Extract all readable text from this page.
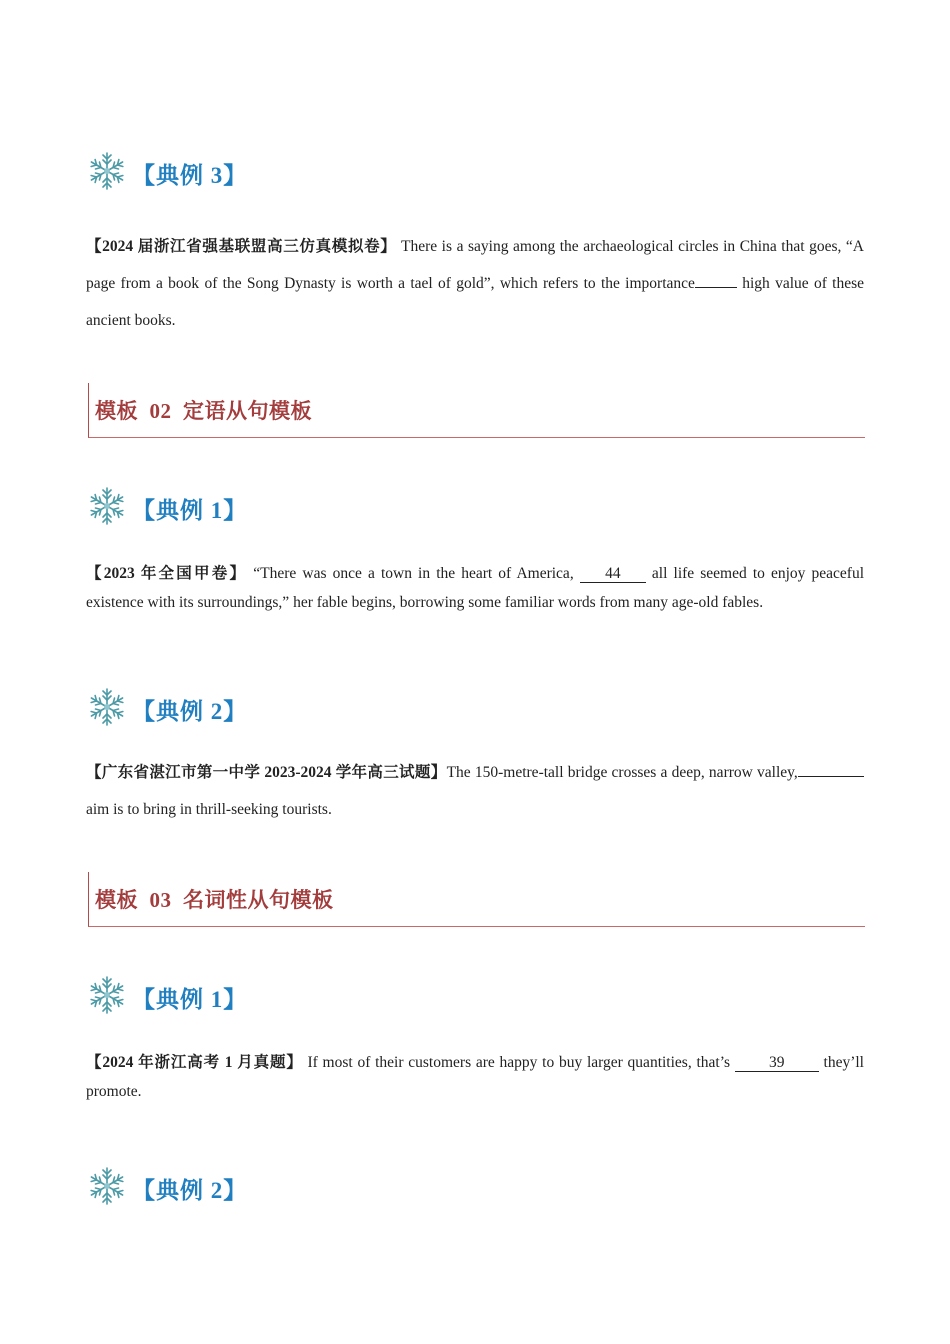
【典例 3】

【2024 届浙江省强基联盟高三仿真模拟卷】 There is a saying among the archaeological circles in China that goes, “A page from a book of the Song Dynasty is worth a tael of gold”, which refers to the importance	high value of these ancient books.

模板  02  定语从句模板
【典例 1】

【2023 年全国甲卷】 “There was once a town in the heart of America, 44 all life seemed to enjoy peaceful existence with its surroundings,” her fable begins, borrowing some familiar words from many age-old fables.

【典例 2】

【广东省湛江市第一中学 2023-2024 学年高三试题】The 150-metre-tall bridge crosses a deep, narrow valley, aim is to bring in thrill-seeking tourists.

模板  03  名词性从句模板
【典例 1】

【2024 年浙江高考 1 月真题】 If most of their customers are happy to buy larger quantities, that’s	39	they’ll promote.

【典例 2】
